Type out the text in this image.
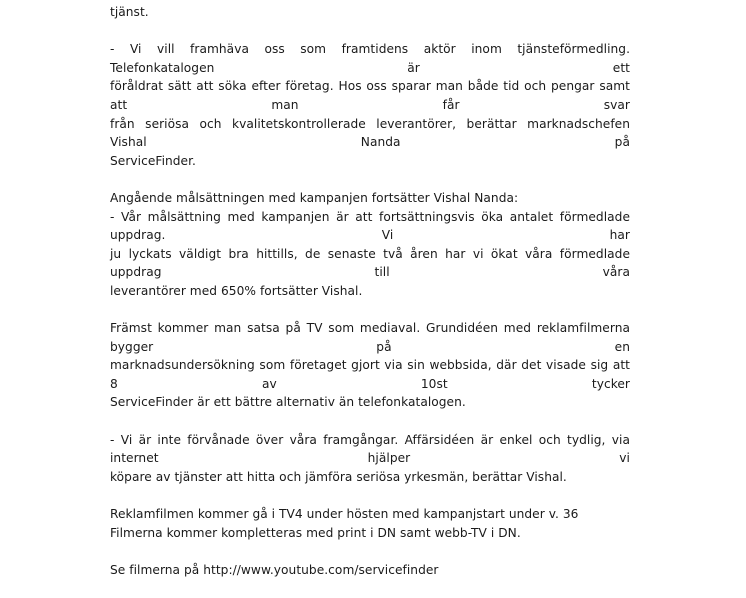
tjänst.
- Vi vill framhäva oss som framtidens aktör inom tjänsteförmedling. Telefonkatalogen är ett
föråldrat sätt att söka efter företag. Hos oss sparar man både tid och pengar samt att man får svar
från seriösa och kvalitetskontrollerade leverantörer, berättar marknadschefen Vishal Nanda på
ServiceFinder.
Angående målsättningen med kampanjen fortsätter Vishal Nanda:
- Vår målsättning med kampanjen är att fortsättningsvis öka antalet förmedlade uppdrag. Vi har
ju lyckats väldigt bra hittills, de senaste två åren har vi ökat våra förmedlade uppdrag till våra
leverantörer med 650% fortsätter Vishal.
Främst kommer man satsa på TV som mediaval. Grundidéen med reklamfilmerna bygger på en
marknadsundersökning som företaget gjort via sin webbsida, där det visade sig att 8 av 10st tycker
ServiceFinder är ett bättre alternativ än telefonkatalogen.
- Vi är inte förvånade över våra framgångar. Affärsidéen är enkel och tydlig, via internet hjälper vi
köpare av tjänster att hitta och jämföra seriösa yrkesmän, berättar Vishal.
Reklamfilmen kommer gå i TV4 under hösten med kampanjstart under v. 36
Filmerna kommer kompletteras med print i DN samt webb-TV i DN.
Se filmerna på http://www.youtube.com/servicefinder
